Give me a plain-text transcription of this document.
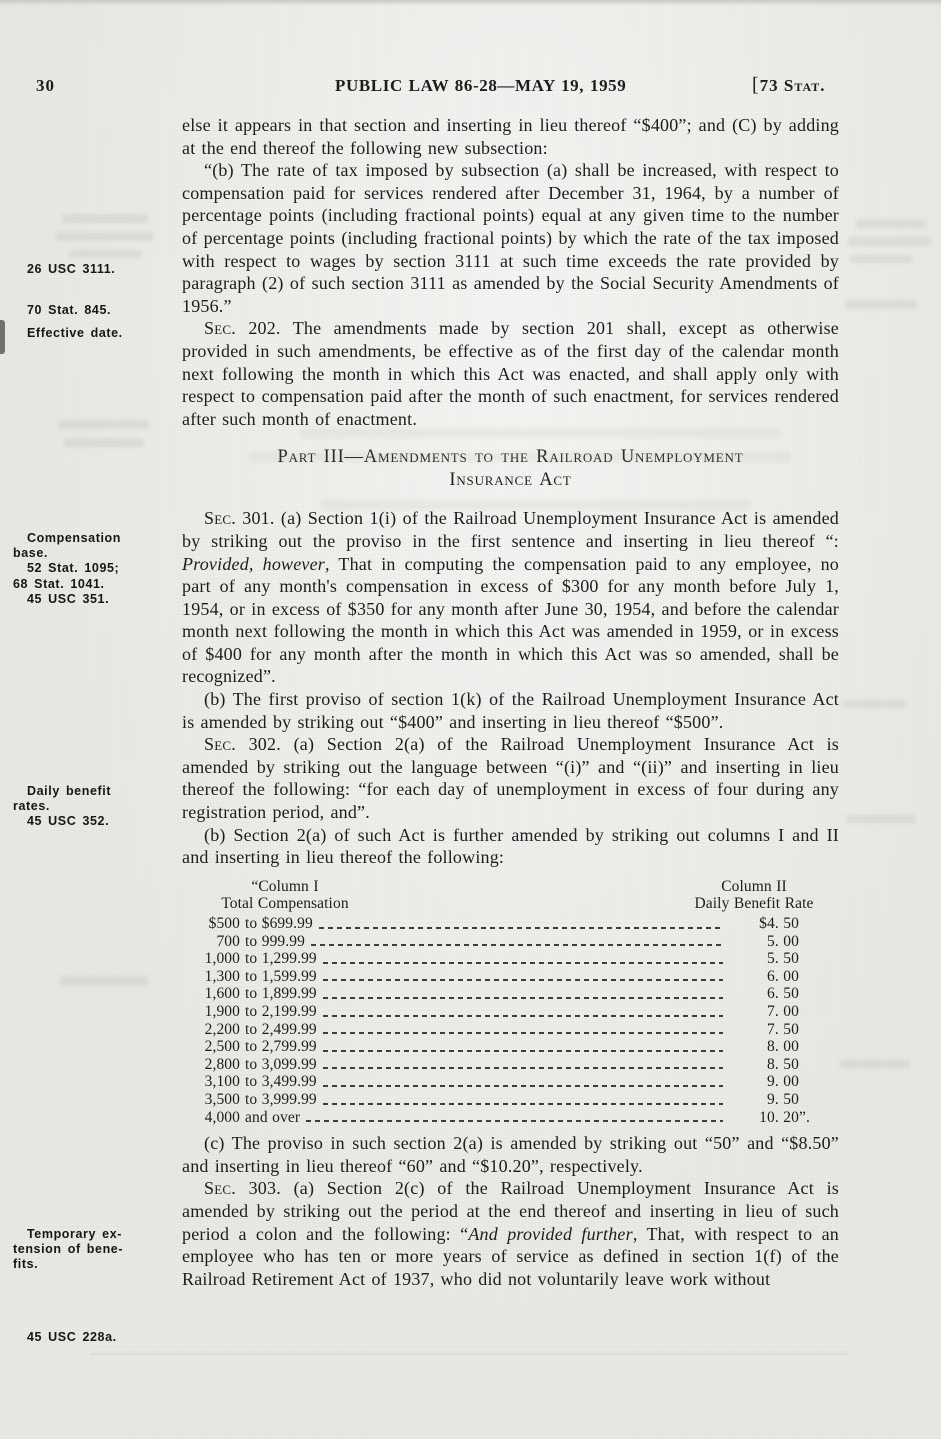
30	PUBLIC LAW 86-28—MAY 19, 1959	[73 Stat.
26 USC 3111.
70 Stat. 845.
Effective date.
Compensation
base.
52 Stat. 1095;
68 Stat. 1041.
45 USC 351.
Daily benefit
rates.
45 USC 352.
Temporary ex-
tension of bene-
fits.
45 USC 228a.

else it appears in that section and inserting in lieu thereof “$400”; and (C) by adding at the end thereof the following new subsection:

“(b) The rate of tax imposed by subsection (a) shall be increased, with respect to compensation paid for services rendered after December 31, 1964, by a number of percentage points (including fractional points) equal at any given time to the number of percentage points (including fractional points) by which the rate of the tax imposed with respect to wages by section 3111 at such time exceeds the rate provided by paragraph (2) of such section 3111 as amended by the Social Security Amendments of 1956.”

Sec. 202. The amendments made by section 201 shall, except as otherwise provided in such amendments, be effective as of the first day of the calendar month next following the month in which this Act was enacted, and shall apply only with respect to compensation paid after the month of such enactment, for services rendered after such month of enactment.

Part III—Amendments to the Railroad Unemployment
Insurance Act

Sec. 301. (a) Section 1(i) of the Railroad Unemployment Insurance Act is amended by striking out the proviso in the first sentence and inserting in lieu thereof “: Provided, however, That in computing the compensation paid to any employee, no part of any month's compensation in excess of $300 for any month before July 1, 1954, or in excess of $350 for any month after June 30, 1954, and before the calendar month next following the month in which this Act was amended in 1959, or in excess of $400 for any month after the month in which this Act was so amended, shall be recognized”.

(b) The first proviso of section 1(k) of the Railroad Unemployment Insurance Act is amended by striking out “$400” and inserting in lieu thereof “$500”.

Sec. 302. (a) Section 2(a) of the Railroad Unemployment Insurance Act is amended by striking out the language between “(i)” and “(ii)” and inserting in lieu thereof the following: “for each day of unemployment in excess of four during any registration period, and”.

(b) Section 2(a) of such Act is further amended by striking out columns I and II and inserting in lieu thereof the following:

“Column I
Total Compensation
Column II
Daily Benefit Rate
$500 to $699.99	$4. 50
700 to 999.99	5. 00
1,000 to 1,299.99	5. 50
1,300 to 1,599.99	6. 00
1,600 to 1,899.99	6. 50
1,900 to 2,199.99	7. 00
2,200 to 2,499.99	7. 50
2,500 to 2,799.99	8. 00
2,800 to 3,099.99	8. 50
3,100 to 3,499.99	9. 00
3,500 to 3,999.99	9. 50
4,000 and over	10. 20 ”.

(c) The proviso in such section 2(a) is amended by striking out “50” and “$8.50” and inserting in lieu thereof “60” and “$10.20”, respectively.

Sec. 303. (a) Section 2(c) of the Railroad Unemployment Insurance Act is amended by striking out the period at the end thereof and inserting in lieu of such period a colon and the following: “And provided further, That, with respect to an employee who has ten or more years of service as defined in section 1(f) of the Railroad Retirement Act of 1937, who did not voluntarily leave work without
